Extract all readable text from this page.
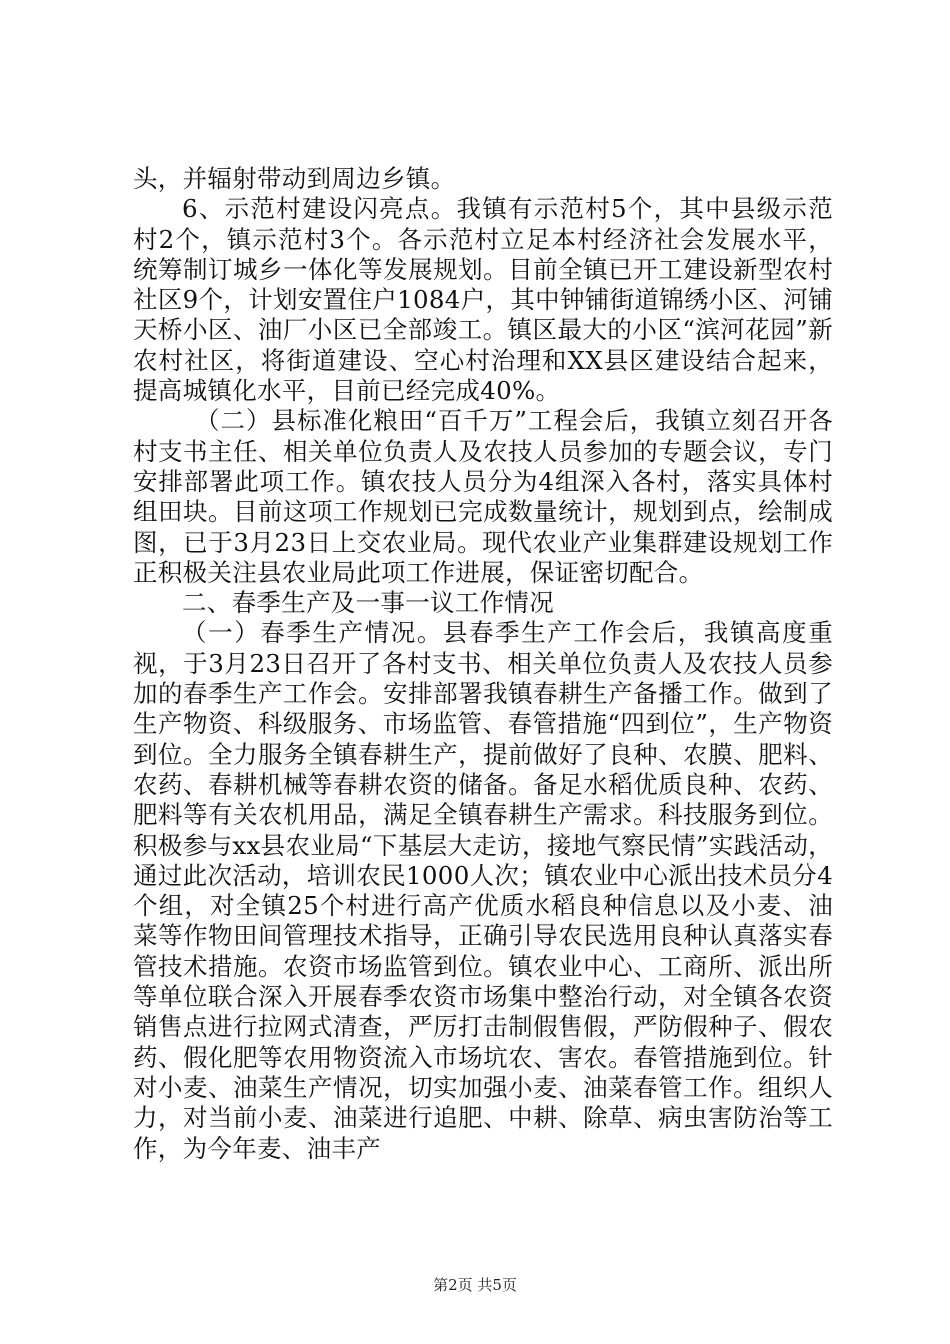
头，并辐射带动到周边乡镇。

6、示范村建设闪亮点。我镇有示范村5个，其中县级示范村2个，镇示范村3个。各示范村立足本村经济社会发展水平，统筹制订城乡一体化等发展规划。目前全镇已开工建设新型农村社区9个，计划安置住户1084户，其中钟铺街道锦绣小区、河铺天桥小区、油厂小区已全部竣工。镇区最大的小区“滨河花园”新农村社区，将街道建设、空心村治理和XX县区建设结合起来，提高城镇化水平，目前已经完成40%。

（二）县标准化粮田“百千万”工程会后，我镇立刻召开各村支书主任、相关单位负责人及农技人员参加的专题会议，专门安排部署此项工作。镇农技人员分为4组深入各村，落实具体村组田块。目前这项工作规划已完成数量统计，规划到点，绘制成图，已于3月23日上交农业局。现代农业产业集群建设规划工作正积极关注县农业局此项工作进展，保证密切配合。

二、春季生产及一事一议工作情况

（一）春季生产情况。县春季生产工作会后，我镇高度重视，于3月23日召开了各村支书、相关单位负责人及农技人员参加的春季生产工作会。安排部署我镇春耕生产备播工作。做到了生产物资、科级服务、市场监管、春管措施“四到位”，生产物资到位。全力服务全镇春耕生产，提前做好了良种、农膜、肥料、农药、春耕机械等春耕农资的储备。备足水稻优质良种、农药、肥料等有关农机用品，满足全镇春耕生产需求。科技服务到位。积极参与xx县农业局“下基层大走访，接地气察民情”实践活动，通过此次活动，培训农民1000人次；镇农业中心派出技术员分4个组，对全镇25个村进行高产优质水稻良种信息以及小麦、油菜等作物田间管理技术指导，正确引导农民选用良种认真落实春管技术措施。农资市场监管到位。镇农业中心、工商所、派出所等单位联合深入开展春季农资市场集中整治行动，对全镇各农资销售点进行拉网式清查，严厉打击制假售假，严防假种子、假农药、假化肥等农用物资流入市场坑农、害农。春管措施到位。针对小麦、油菜生产情况，切实加强小麦、油菜春管工作。组织人力，对当前小麦、油菜进行追肥、中耕、除草、病虫害防治等工作，为今年麦、油丰产

第2页 共5页
